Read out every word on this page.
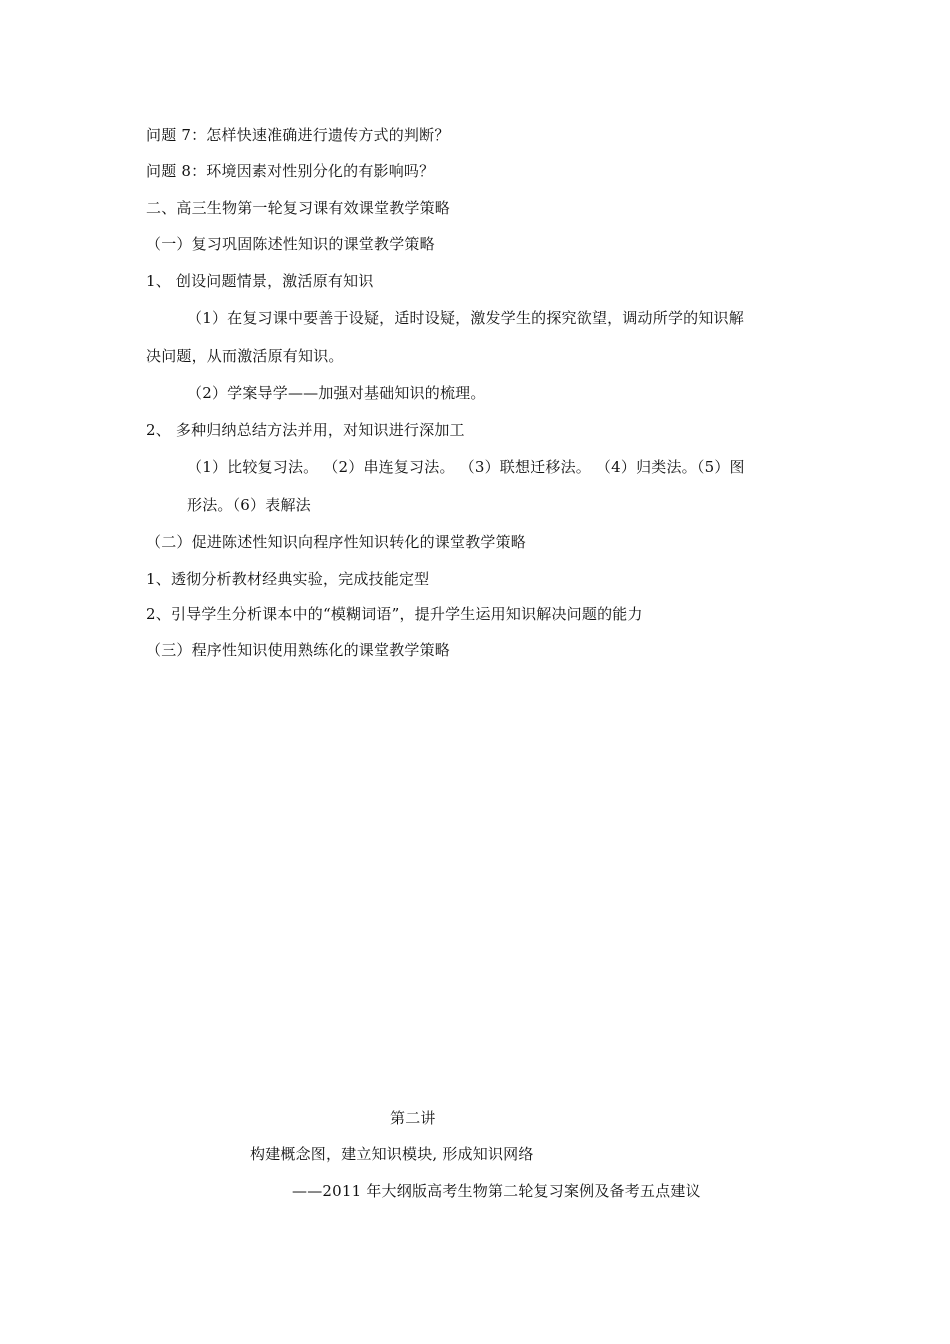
问题 7：怎样快速准确进行遗传方式的判断？
问题 8：环境因素对性别分化的有影响吗？
二、高三生物第一轮复习课有效课堂教学策略
（一）复习巩固陈述性知识的课堂教学策略
1、 创设问题情景，激活原有知识
（1）在复习课中要善于设疑，适时设疑，激发学生的探究欲望，调动所学的知识解
决问题，从而激活原有知识。
（2）学案导学——加强对基础知识的梳理。
2、 多种归纳总结方法并用，对知识进行深加工
（1）比较复习法。 （2）串连复习法。 （3）联想迁移法。 （4）归类法。（5）图
形法。（6）表解法
（二）促进陈述性知识向程序性知识转化的课堂教学策略
1、透彻分析教材经典实验，完成技能定型
2、引导学生分析课本中的“模糊词语”，提升学生运用知识解决问题的能力
（三）程序性知识使用熟练化的课堂教学策略
第二讲
构建概念图，建立知识模块, 形成知识网络
——2011 年大纲版高考生物第二轮复习案例及备考五点建议
